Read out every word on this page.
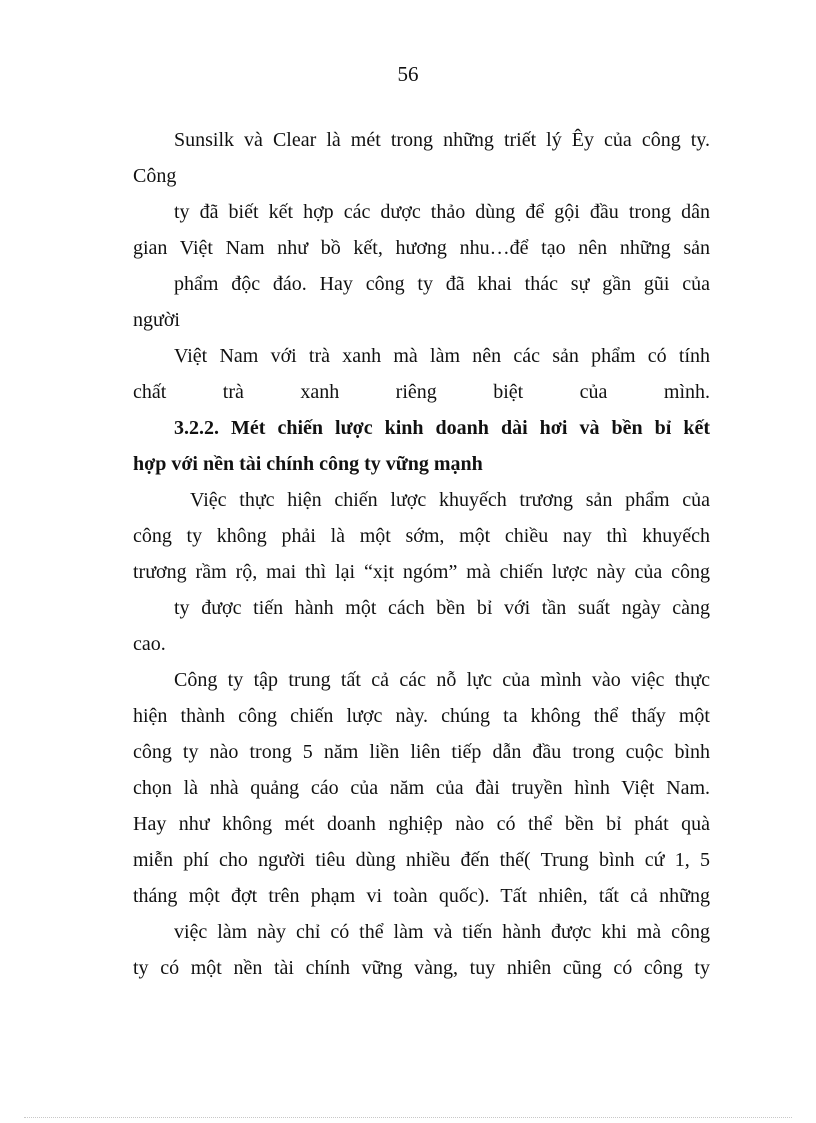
56
Sunsilk và Clear là mét trong những triết lý Êy của công ty.
Công
ty đã biết kết hợp các dược thảo dùng để gội đầu trong dân
gian Việt Nam như bồ kết, hương nhu…để tạo nên những sản
phẩm độc đáo. Hay công ty đã khai thác sự gần gũi của
người
Việt Nam với trà xanh mà làm nên các sản phẩm có tính
chất trà xanh riêng biệt của mình.
3.2.2. Mét chiến lược kinh doanh dài hơi và bền bỉ kết
hợp với nền tài chính công ty vững mạnh
Việc thực hiện chiến lược khuyếch trương sản phẩm của
công ty không phải là một sớm, một chiều nay thì khuyếch
trương rầm rộ, mai thì lại “xịt ngóm” mà chiến lược này của công
ty được tiến hành một cách bền bỉ với tần suất ngày càng
cao.
Công ty tập trung tất cả các nỗ lực của mình vào việc thực
hiện thành công chiến lược này. chúng ta không thể thấy một
công ty nào trong 5 năm liền liên tiếp dẫn đầu trong cuộc bình
chọn là nhà quảng cáo của năm của đài truyền hình Việt Nam.
Hay như không mét doanh nghiệp nào có thể bền bỉ phát quà
miễn phí cho người tiêu dùng nhiều đến thế( Trung bình cứ 1, 5
tháng một đợt trên phạm vi toàn quốc). Tất nhiên, tất cả những
việc làm này chỉ có thể làm và tiến hành được khi mà công
ty có một nền tài chính vững vàng, tuy nhiên cũng có công ty
